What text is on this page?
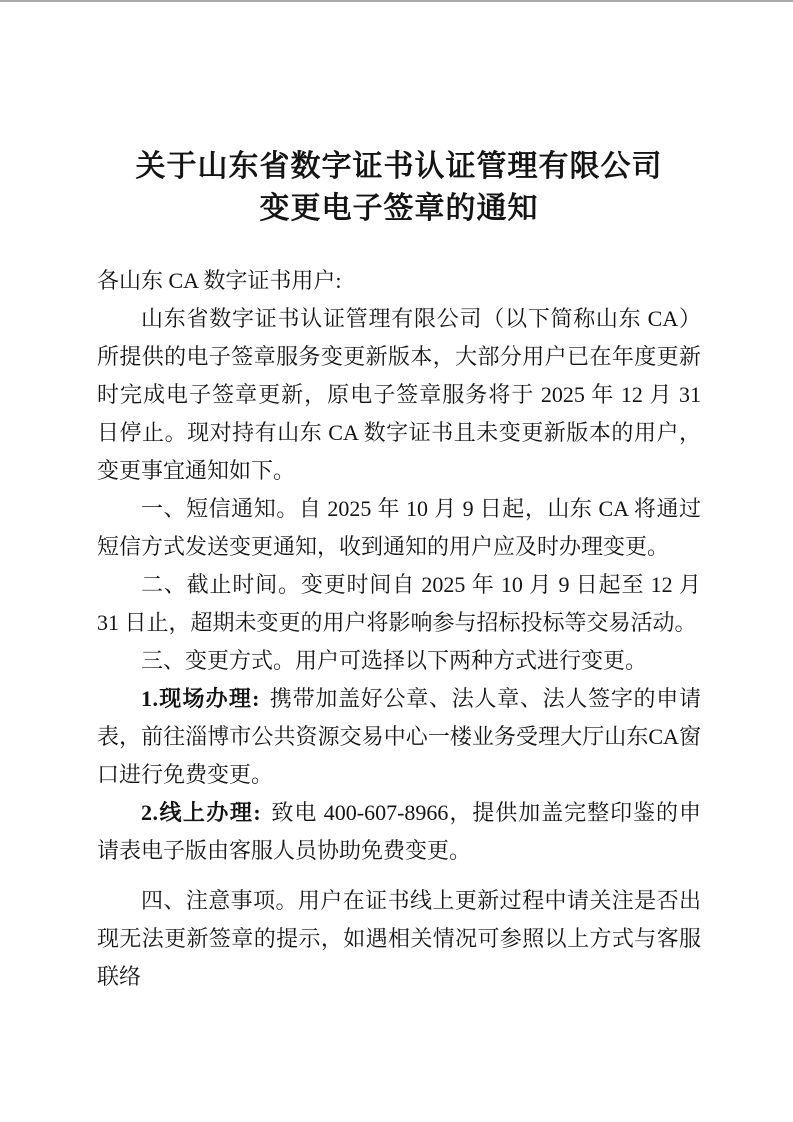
关于山东省数字证书认证管理有限公司
变更电子签章的通知

各山东 CA 数字证书用户:

山东省数字证书认证管理有限公司（以下简称山东 CA）所提供的电子签章服务变更新版本，大部分用户已在年度更新时完成电子签章更新，原电子签章服务将于 2025 年 12 月 31 日停止。现对持有山东 CA 数字证书且未变更新版本的用户，变更事宜通知如下。

一、短信通知。自 2025 年 10 月 9 日起，山东 CA 将通过短信方式发送变更通知，收到通知的用户应及时办理变更。

二、截止时间。变更时间自 2025 年 10 月 9 日起至 12 月 31 日止，超期未变更的用户将影响参与招标投标等交易活动。

三、变更方式。用户可选择以下两种方式进行变更。

1.现场办理: 携带加盖好公章、法人章、法人签字的申请表，前往淄博市公共资源交易中心一楼业务受理大厅山东CA窗口进行免费变更。

2.线上办理: 致电 400-607-8966，提供加盖完整印鉴的申请表电子版由客服人员协助免费变更。

四、注意事项。用户在证书线上更新过程中请关注是否出现无法更新签章的提示，如遇相关情况可参照以上方式与客服联络
